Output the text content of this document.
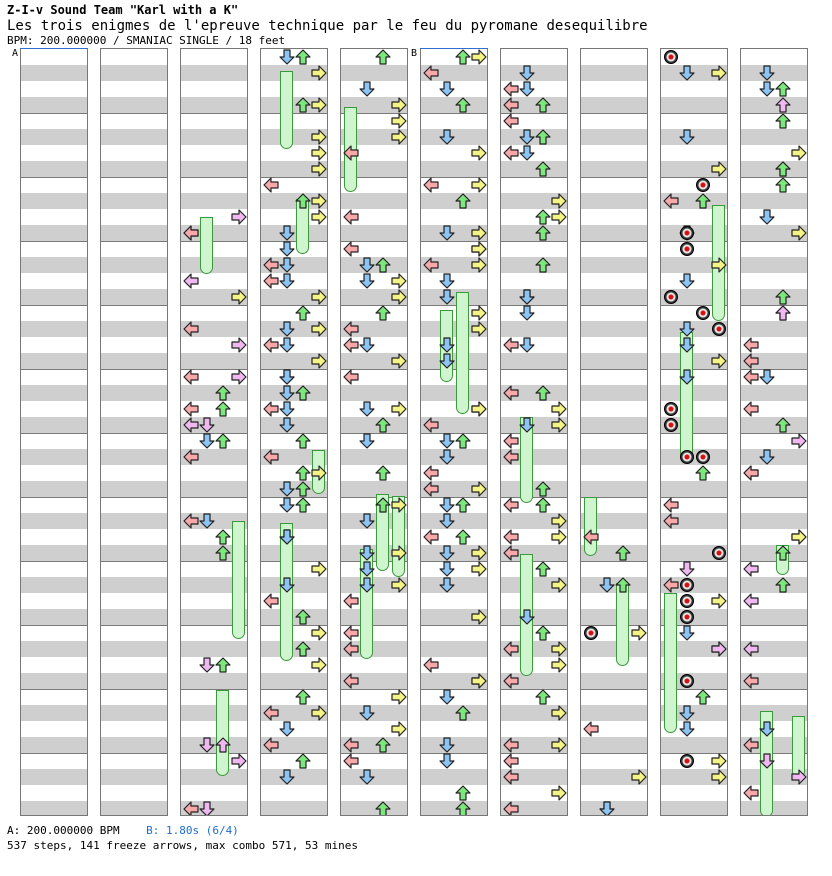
Z-I-v Sound Team "Karl with a K"
Les trois enigmes de l'epreuve technique par le feu du pyromane desequilibre
BPM: 200.000000 / SMANIAC SINGLE / 18 feet
A	B
A: 200.000000 BPM B: 1.80s (6/4)
537 steps, 141 freeze arrows, max combo 571, 53 mines
